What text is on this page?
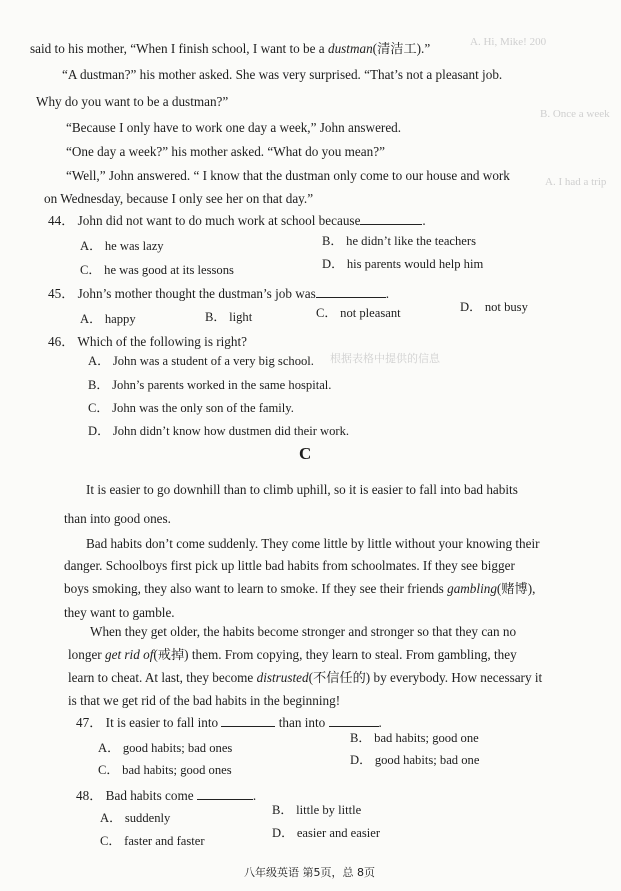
A. Hi, Mike! 200
B. Once a week
A. I had a trip
根据表格中提供的信息
said to his mother, “When I finish school, I want to be a dustman(清洁工).”
“A dustman?” his mother asked. She was very surprised. “That’s not a pleasant job.
Why do you want to be a dustman?”
“Because I only have to work one day a week,” John answered.
“One day a week?” his mother asked. “What do you mean?”
“Well,” John answered. “ I know that the dustman only come to our house and work
on Wednesday, because I only see her on that day.”
44． John did not want to do much work at school because	.
A． he was lazy	B． he didn’t like the teachers
C． he was good at its lessons	D． his parents would help him
45． John’s mother thought the dustman’s job was	.
A． happy	B． light	C． not pleasant	D． not busy
46． Which of the following is right?
A． John was a student of a very big school.
B． John’s parents worked in the same hospital.
C． John was the only son of the family.
D． John didn’t know how dustmen did their work.
C
It is easier to go downhill than to climb uphill, so it is easier to fall into bad habits
than into good ones.
Bad habits don’t come suddenly. They come little by little without your knowing their
danger. Schoolboys first pick up little bad habits from schoolmates. If they see bigger
boys smoking, they also want to learn to smoke. If they see their friends gambling(赌博),
they want to gamble.
When they get older, the habits become stronger and stronger so that they can no
longer get rid of(戒掉) them. From copying, they learn to steal. From gambling, they
learn to cheat. At last, they become distrusted(不信任的) by everybody. How necessary it
is that we get rid of the bad habits in the beginning!
47． It is easier to fall into	than into	.
A． good habits; bad ones
B． bad habits; good one
C． bad habits; good ones
D． good habits; bad one
48． Bad habits come	.
A． suddenly
B． little by little
C． faster and faster
D． easier and easier
八年级英语 第5页，总 8页
